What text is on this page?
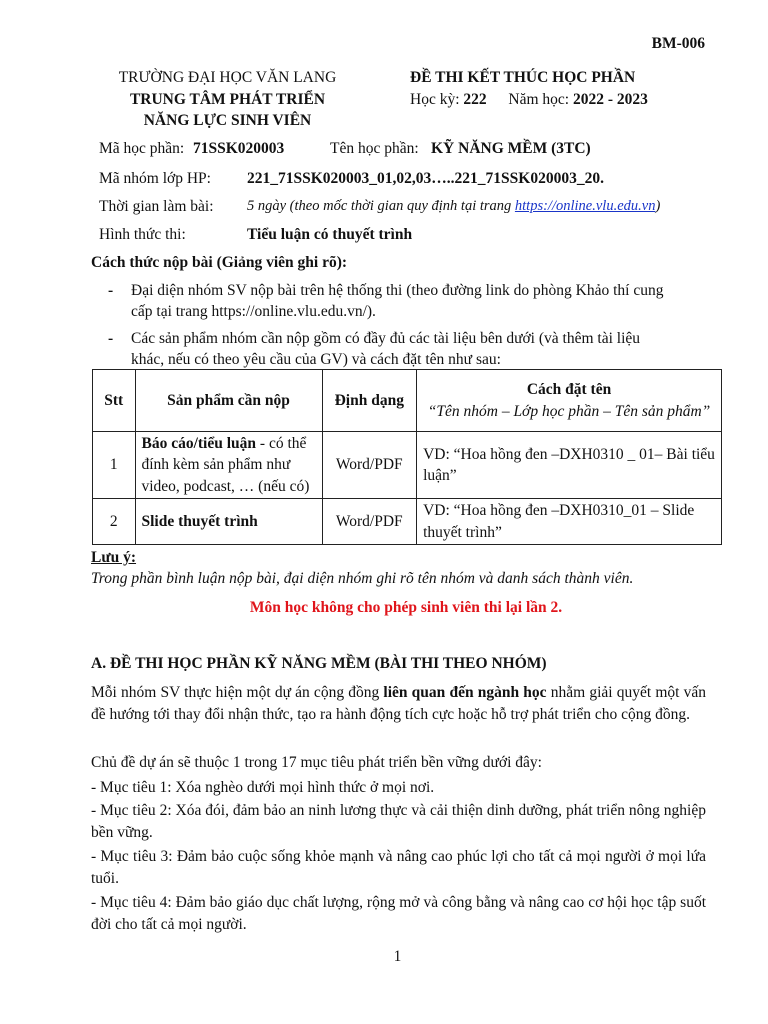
BM-006
TRƯỜNG ĐẠI HỌC VĂN LANG
TRUNG TÂM PHÁT TRIỂN
NĂNG LỰC SINH VIÊN
ĐỀ THI KẾT THÚC HỌC PHẦN
Học kỳ: 222 Năm học: 2022 - 2023
Mã học phần: 71SSK020003	Tên học phần: KỸ NĂNG MỀM (3TC)
Mã nhóm lớp HP: 221_71SSK020003_01,02,03…..221_71SSK020003_20.
Thời gian làm bài: 5 ngày (theo mốc thời gian quy định tại trang https://online.vlu.edu.vn)
Hình thức thi:	Tiểu luận có thuyết trình
Cách thức nộp bài (Giảng viên ghi rõ):
- Đại diện nhóm SV nộp bài trên hệ thống thi (theo đường link do phòng Khảo thí cung
cấp tại trang https://online.vlu.edu.vn/).
- Các sản phẩm nhóm cần nộp gồm có đầy đủ các tài liệu bên dưới (và thêm tài liệu
khác, nếu có theo yêu cầu của GV) và cách đặt tên như sau:
Stt	Sản phẩm cần nộp	Định dạng	Cách đặt tên
“Tên nhóm – Lớp học phần – Tên sản phẩm”

1	Báo cáo/tiểu luận - có thể đính kèm sản phẩm như video, podcast, … (nếu có)	Word/PDF	VD: “Hoa hồng đen –DXH0310 _ 01– Bài tiểu luận”
2	Slide thuyết trình	Word/PDF	VD: “Hoa hồng đen –DXH0310_01 – Slide thuyết trình”
Lưu ý:
Trong phần bình luận nộp bài, đại diện nhóm ghi rõ tên nhóm và danh sách thành viên.
Môn học không cho phép sinh viên thi lại lần 2.
A. ĐỀ THI HỌC PHẦN KỸ NĂNG MỀM (BÀI THI THEO NHÓM)
Mỗi nhóm SV thực hiện một dự án cộng đồng liên quan đến ngành học nhằm giải quyết một vấn đề hướng tới thay đổi nhận thức, tạo ra hành động tích cực hoặc hỗ trợ phát triển cho cộng đồng.
Chủ đề dự án sẽ thuộc 1 trong 17 mục tiêu phát triển bền vững dưới đây:
- Mục tiêu 1: Xóa nghèo dưới mọi hình thức ở mọi nơi.
- Mục tiêu 2: Xóa đói, đảm bảo an ninh lương thực và cải thiện dinh dưỡng, phát triển nông nghiệp bền vững.
- Mục tiêu 3: Đảm bảo cuộc sống khỏe mạnh và nâng cao phúc lợi cho tất cả mọi người ở mọi lứa tuổi.
- Mục tiêu 4: Đảm bảo giáo dục chất lượng, rộng mở và công bằng và nâng cao cơ hội học tập suốt đời cho tất cả mọi người.
1
